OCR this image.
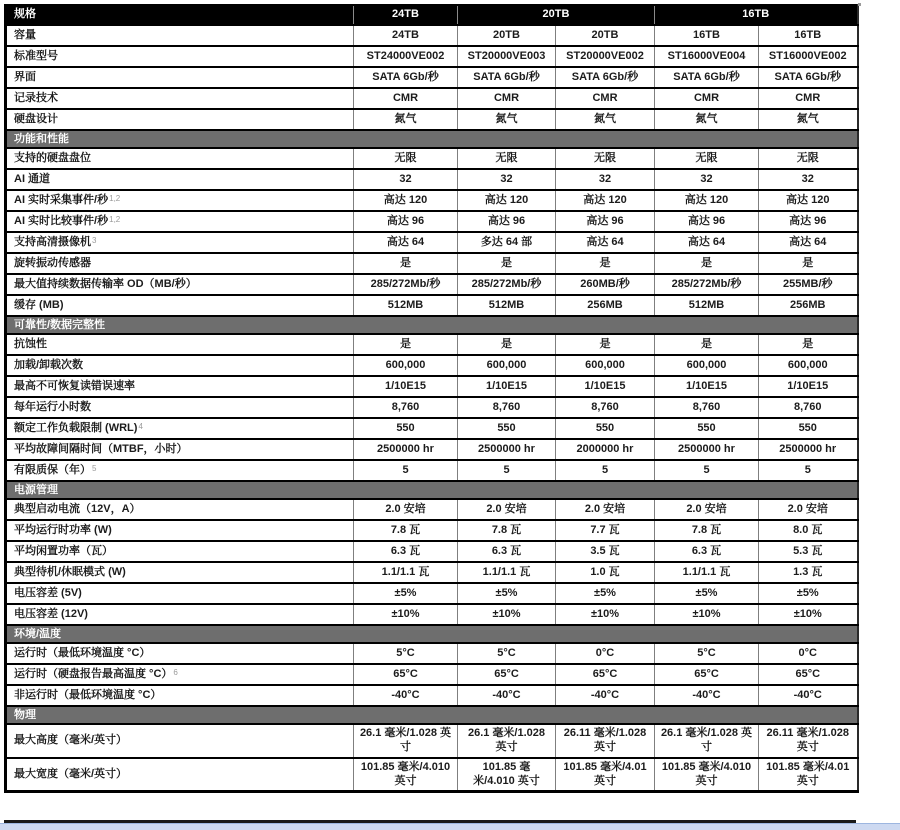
规格	24TB	20TB		16TB	
容量	24TB	20TB	20TB	16TB	16TB
标准型号	ST24000VE002	ST20000VE003	ST20000VE002	ST16000VE004	ST16000VE002
界面	SATA 6Gb/秒	SATA 6Gb/秒	SATA 6Gb/秒	SATA 6Gb/秒	SATA 6Gb/秒
记录技术	CMR	CMR	CMR	CMR	CMR
硬盘设计	氮气	氮气	氮气	氮气	氮气
功能和性能					
支持的硬盘盘位	无限	无限	无限	无限	无限
AI 通道	32	32	32	32	32
AI 实时采集事件/秒$^{1,2}$	高达 120	高达 120	高达 120	高达 120	高达 120
AI 实时比较事件/秒$^{1,2}$	高达 96	高达 96	高达 96	高达 96	高达 96
支持高清摄像机$^3$	高达 64	多达 64 部	高达 64	高达 64	高达 64
旋转振动传感器	是	是	是	是	是
最大值持续数据传输率 OD（MB/秒）	285/272Mb/秒	285/272Mb/秒	260MB/秒	285/272Mb/秒	255MB/秒
缓存 (MB)	512MB	512MB	256MB	512MB	256MB
可靠性/数据完整性					
抗蚀性	是	是	是	是	是
加载/卸载次数	600,000	600,000	600,000	600,000	600,000
最高不可恢复读错误速率	1/10E15	1/10E15	1/10E15	1/10E15	1/10E15
每年运行小时数	8,760	8,760	8,760	8,760	8,760
额定工作负载限制 (WRL)$^4$	550	550	550	550	550
平均故障间隔时间（MTBF，小时）	2500000 hr	2500000 hr	2000000 hr	2500000 hr	2500000 hr
有限质保（年）$^5$	5	5	5	5	5
电源管理					
典型启动电流（12V，A）	2.0 安培	2.0 安培	2.0 安培	2.0 安培	2.0 安培
平均运行时功率 (W)	7.8 瓦	7.8 瓦	7.7 瓦	7.8 瓦	8.0 瓦
平均闲置功率（瓦）	6.3 瓦	6.3 瓦	3.5 瓦	6.3 瓦	5.3 瓦
典型待机/休眠模式 (W)	1.1/1.1 瓦	1.1/1.1 瓦	1.0 瓦	1.1/1.1 瓦	1.3 瓦
电压容差 (5V)	±5%	±5%	±5%	±5%	±5%
电压容差 (12V)	±10%	±10%	±10%	±10%	±10%
环境/温度					
运行时（最低环境温度 °C）	5°C	5°C	0°C	5°C	0°C
运行时（硬盘报告最高温度 °C）$^6$	65°C	65°C	65°C	65°C	65°C
非运行时（最低环境温度 °C）	-40°C	-40°C	-40°C	-40°C	-40°C
物理					
最大高度（毫米/英寸）	26.1 毫米/1.028 英寸	26.1 毫米/1.028 英寸	26.11 毫米/1.028 英寸	26.1 毫米/1.028 英寸	26.11 毫米/1.028 英寸
最大宽度（毫米/英寸）	101.85 毫米/4.010 英寸	101.85 毫米/4.010 英寸	101.85 毫米/4.01 英寸	101.85 毫米/4.010 英寸	101.85 毫米/4.01 英寸
